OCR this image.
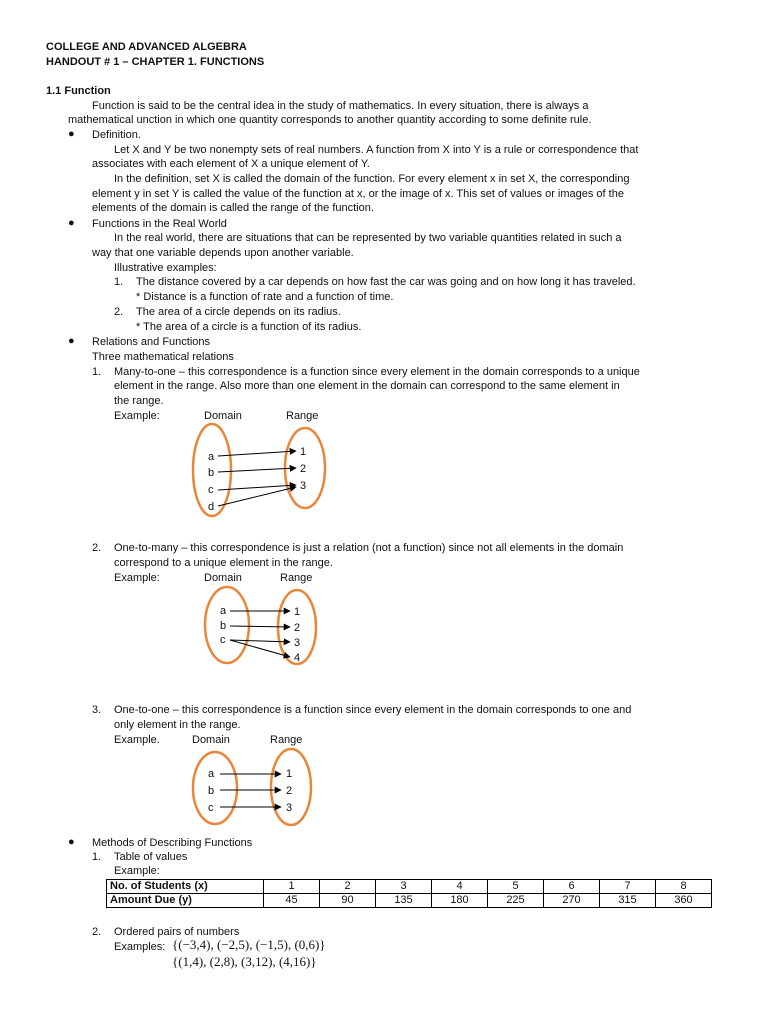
COLLEGE AND ADVANCED ALGEBRA
HANDOUT # 1 – CHAPTER 1. FUNCTIONS
1.1 Function
Function is said to be the central idea in the study of mathematics. In every situation, there is always a
mathematical unction in which one quantity corresponds to another quantity according to some definite rule.
● Definition.
Let X and Y be two nonempty sets of real numbers. A function from X into Y is a rule or correspondence that
associates with each element of X a unique element of Y.
In the definition, set X is called the domain of the function. For every element x in set X, the corresponding
element y in set Y is called the value of the function at x, or the image of x. This set of values or images of the
elements of the domain is called the range of the function.
● Functions in the Real World
In the real world, there are situations that can be represented by two variable quantities related in such a
way that one variable depends upon another variable.
Illustrative examples:
1. The distance covered by a car depends on how fast the car was going and on how long it has traveled.
* Distance is a function of rate and a function of time.
2. The area of a circle depends on its radius.
* The area of a circle is a function of its radius.
● Relations and Functions
Three mathematical relations
1. Many-to-one – this correspondence is a function since every element in the domain corresponds to a unique
element in the range. Also more than one element in the domain can correspond to the same element in
the range.
Example:	Domain	Range
a
b
c
d
1
2
3
2. One-to-many – this correspondence is just a relation (not a function) since not all elements in the domain
correspond to a unique element in the range.
Example:	Domain	Range
a
b
c
1
2
3
4
3. One-to-one – this correspondence is a function since every element in the domain corresponds to one and
only element in the range.
Example.	Domain	Range
a
b
c
1
2
3
● Methods of Describing Functions
1. Table of values
Example:
No. of Students (x)	1	2	3	4	5	6	7	8
Amount Due (y)	45	90	135	180	225	270	315	360
2. Ordered pairs of numbers
Examples: {(−3,4), (−2,5), (−1,5), (0,6)}
{(1,4), (2,8), (3,12), (4,16)}
